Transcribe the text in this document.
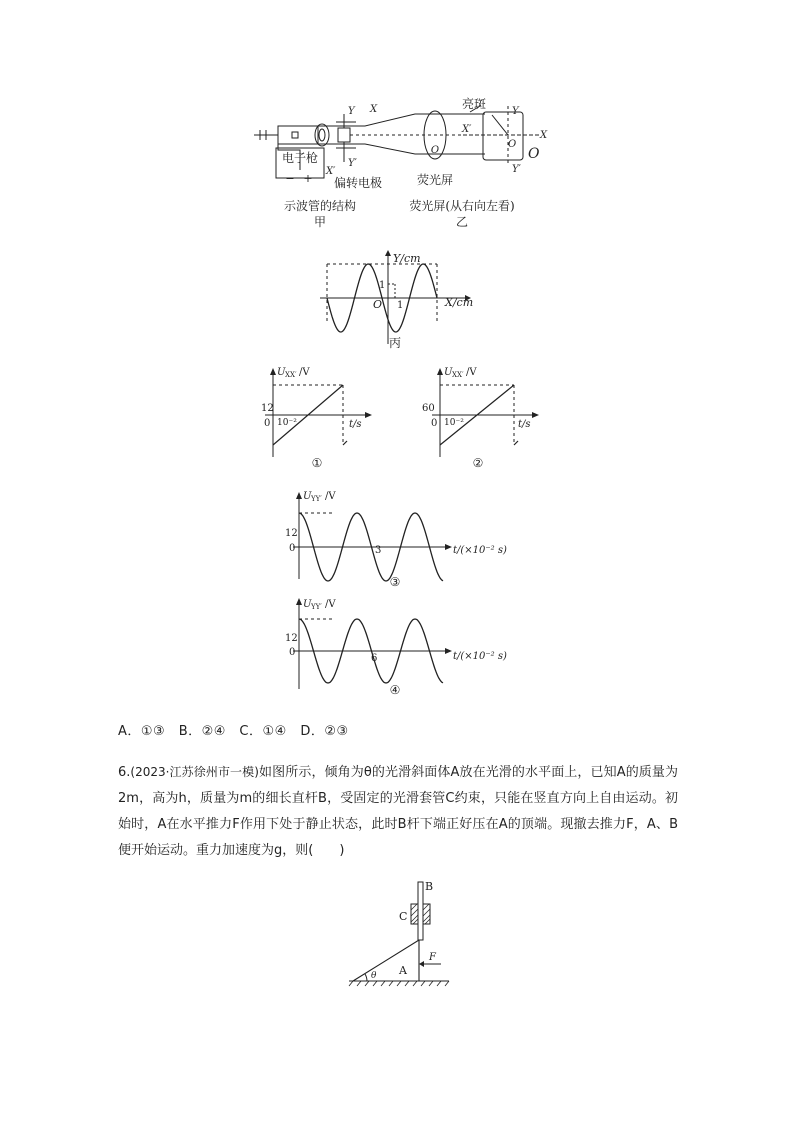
电子枪
− +
Y X
X′
Y′
偏转电极
O
荧光屏
亮斑
Y
X
X′
Y′
O
O
示波管的结构
甲
荧光屏(从右向左看)
乙
Y/cm
X/cm
1
O 1
丙
U XX′ /V
12
0 10⁻²	t/s
①
U XX′ /V
60
0 10⁻²	t/s
②
U YY′ /V
12
0	3	t/(×10⁻² s)
③
U YY′ /V
12
0
6	t/(×10⁻² s)
④
A．①③　B．②④　C．①④　D．②③
6.(2023·江苏徐州市一模)如图所示，倾角为θ的光滑斜面体A放在光滑的水平面上，已知A的质量为2m，高为h，质量为m的细长直杆B，受固定的光滑套管C约束，只能在竖直方向上自由运动。初始时，A在水平推力F作用下处于静止状态，此时B杆下端正好压在A的顶端。现撤去推力F，A、B便开始运动。重力加速度为g，则(　　)
θ A
B
C
F
